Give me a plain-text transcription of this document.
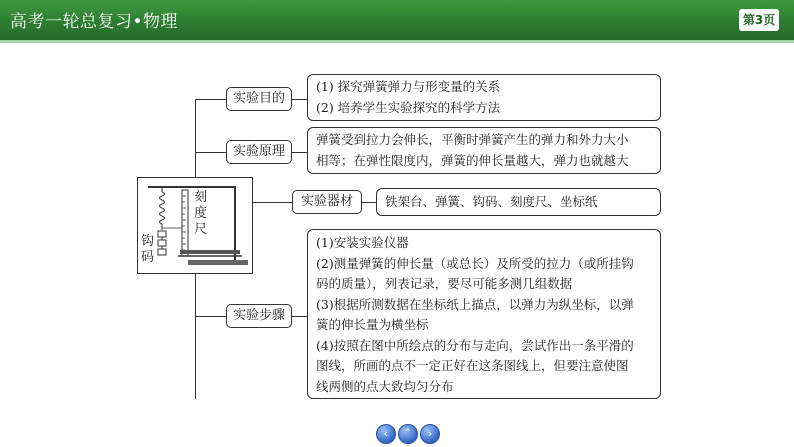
高考一轮总复习•物理	第3页
刻
度
尺
钩
码
实验目的
(1) 探究弹簧弹力与形变量的关系
(2) 培养学生实验探究的科学方法
实验原理
弹簧受到拉力会伸长，平衡时弹簧产生的弹力和外力大小
相等；在弹性限度内，弹簧的伸长量越大，弹力也就越大
实验器材	铁架台、弹簧、钩码、刻度尺、坐标纸
实验步骤
(1)安装实验仪器
(2)测量弹簧的伸长量（或总长）及所受的拉力（或所挂钩
码的质量），列表记录，要尽可能多测几组数据
(3)根据所测数据在坐标纸上描点，以弹力为纵坐标，以弹
簧的伸长量为横坐标
(4)按照在图中所绘点的分布与走向，尝试作出一条平滑的
图线，所画的点不一定正好在这条图线上，但要注意使图
线两侧的点大致均匀分布
‹	˄	›
